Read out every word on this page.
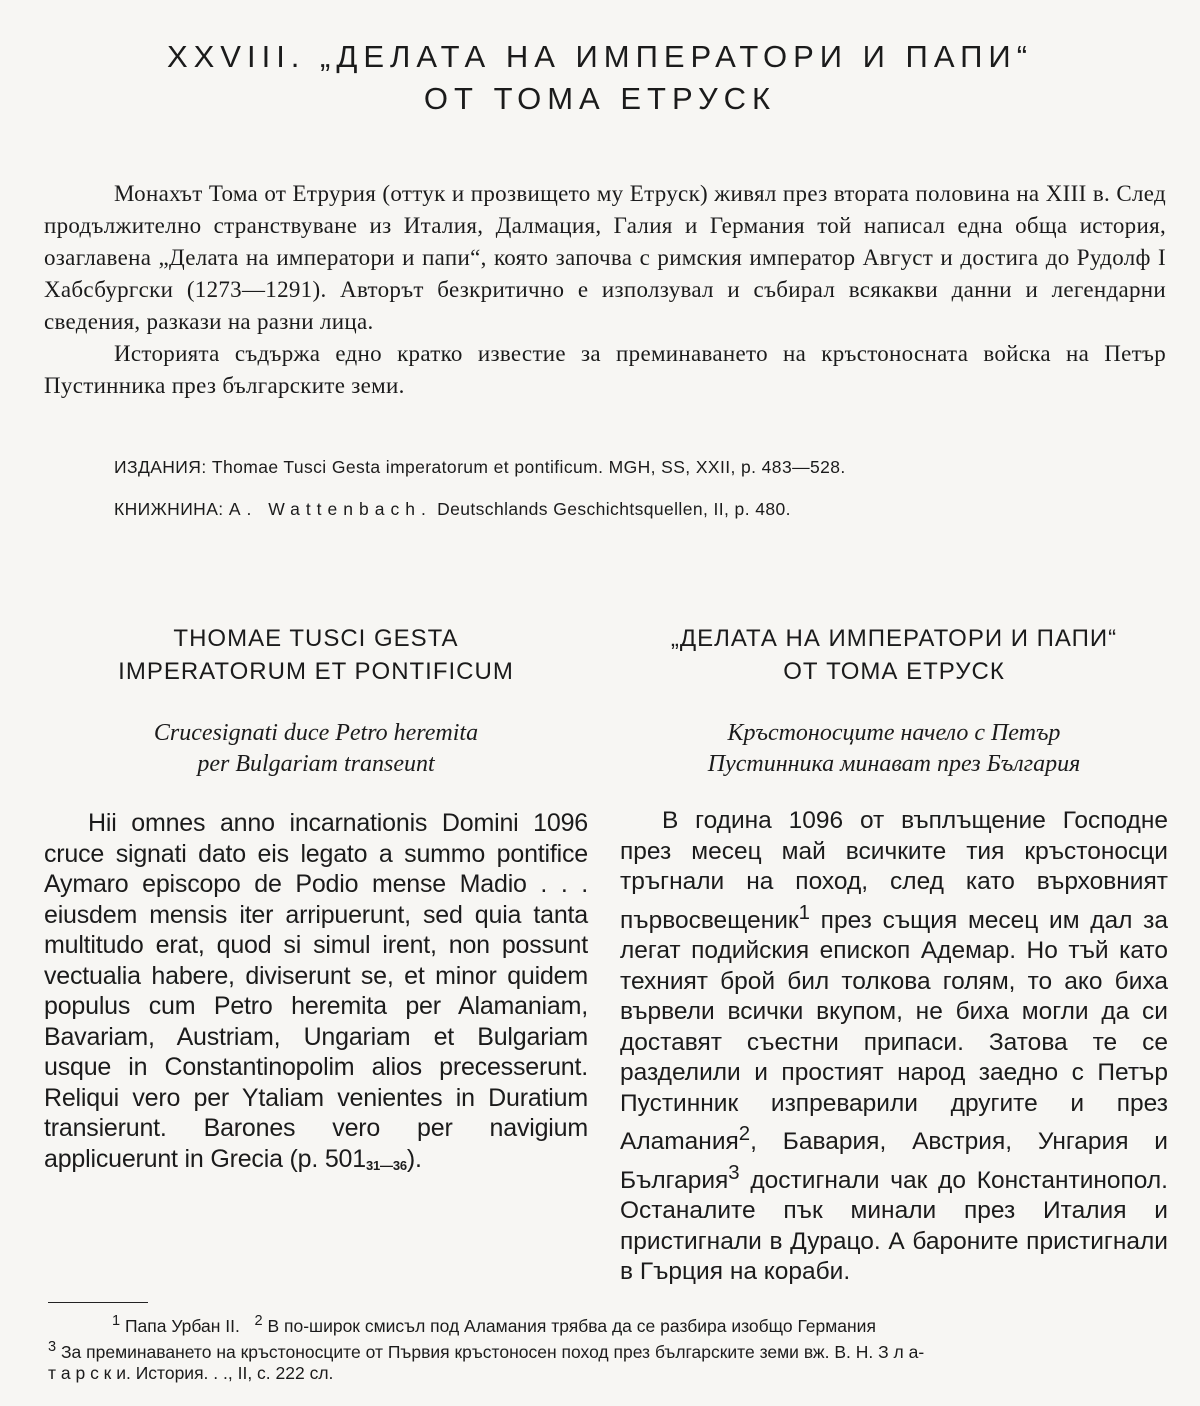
XXVIII. „ДЕЛАТА НА ИМПЕРАТОРИ И ПАПИ“
ОТ ТОМА ЕТРУСК

Монахът Тома от Етрурия (оттук и прозвището му Етруск) живял през втората половина на XIII в. След продължително странствуване из Италия, Далмация, Галия и Германия той написал една обща история, озаглавена „Делата на императори и папи“, която започва с римския император Август и достига до Рудолф I Хабсбургски (1273—1291). Авторът безкритично е използувал и събирал всякакви данни и легендарни сведения, разкази на разни лица.

Историята съдържа едно кратко известие за преминаването на кръстоносната войска на Петър Пустинника през българските земи.

ИЗДАНИЯ: Thomae Tusci Gesta imperatorum et pontificum. MGH, SS, XXII, p. 483—528.
КНИЖНИНА: A. Wattenbach. Deutschlands Geschichtsquellen, II, p. 480.
THOMAE TUSCI GESTA
IMPERATORUM ET PONTIFICUM
Crucesignati duce Petro heremita
per Bulgariam transeunt
Hii omnes anno incarnationis Domini 1096 cruce signati dato eis legato a summo pontifice Aymaro episcopo de Podio mense Madio . . . eiusdem mensis iter arripuerunt, sed quia tanta multitudo erat, quod si simul irent, non possunt vectualia habere, diviserunt se, et minor quidem populus cum Petro heremita per Alamaniam, Bavariam, Austriam, Ungariam et Bulgariam usque in Constantinopolim alios precesserunt. Reliqui vero per Ytaliam venientes in Duratium transierunt. Barones vero per navigium applicuerunt in Grecia (p. $501_{31—36}$).
„ДЕЛАТА НА ИМПЕРАТОРИ И ПАПИ“
ОТ ТОМА ЕТРУСК
Кръстоносците начело с Петър
Пустинника минават през България
В година 1096 от въплъщение Господне през месец май всичките тия кръстоносци тръгнали на поход, след като върховният първосвещеник$^1$ през същия месец им дал за легат подийския епископ Адемар. Но тъй като техният брой бил толкова голям, то ако биха вървели всички вкупом, не биха могли да си доставят съестни припаси. Затова те се разделили и простият народ заедно с Петър Пустинник изпреварили другите и през Алamания$^2$, Бавария, Австрия, Унгария и България$^3$ достигнали чак до Константинопол. Останалите пък минали през Италия и пристигнали в Дурацо. А бароните пристигнали в Гърция на кораби.
$^1$ Папа Урбан II. $^2$ В по-широк смисъл под Аламания трябва да се разбира изобщо Германия
$^3$ За преминаването на кръстоносците от Първия кръстоносен поход през българските земи вж. В. Н. З л а-
т а р с к и. История. . ., II, с. 222 сл.
